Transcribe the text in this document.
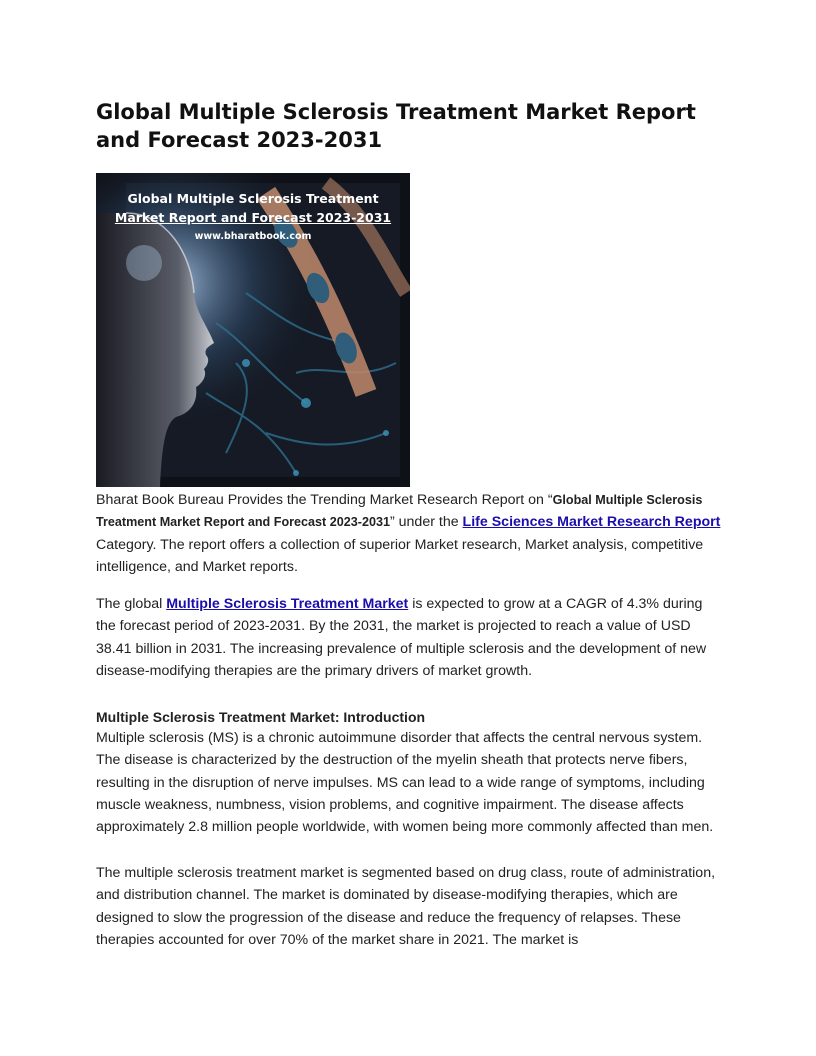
Global Multiple Sclerosis Treatment Market Report and Forecast 2023-2031
Global Multiple Sclerosis Treatment
Market Report and Forecast 2023-2031
www.bharatbook.com

Bharat Book Bureau Provides the Trending Market Research Report on “Global Multiple Sclerosis Treatment Market Report and Forecast 2023-2031” under the Life Sciences Market Research Report Category. The report offers a collection of superior Market research, Market analysis, competitive intelligence, and Market reports.

The global Multiple Sclerosis Treatment Market is expected to grow at a CAGR of 4.3% during the forecast period of 2023-2031. By the 2031, the market is projected to reach a value of USD 38.41 billion in 2031. The increasing prevalence of multiple sclerosis and the development of new disease-modifying therapies are the primary drivers of market growth.

Multiple Sclerosis Treatment Market: Introduction

Multiple sclerosis (MS) is a chronic autoimmune disorder that affects the central nervous system. The disease is characterized by the destruction of the myelin sheath that protects nerve fibers, resulting in the disruption of nerve impulses. MS can lead to a wide range of symptoms, including muscle weakness, numbness, vision problems, and cognitive impairment. The disease affects approximately 2.8 million people worldwide, with women being more commonly affected than men.

The multiple sclerosis treatment market is segmented based on drug class, route of administration, and distribution channel. The market is dominated by disease-modifying therapies, which are designed to slow the progression of the disease and reduce the frequency of relapses. These therapies accounted for over 70% of the market share in 2021. The market is
